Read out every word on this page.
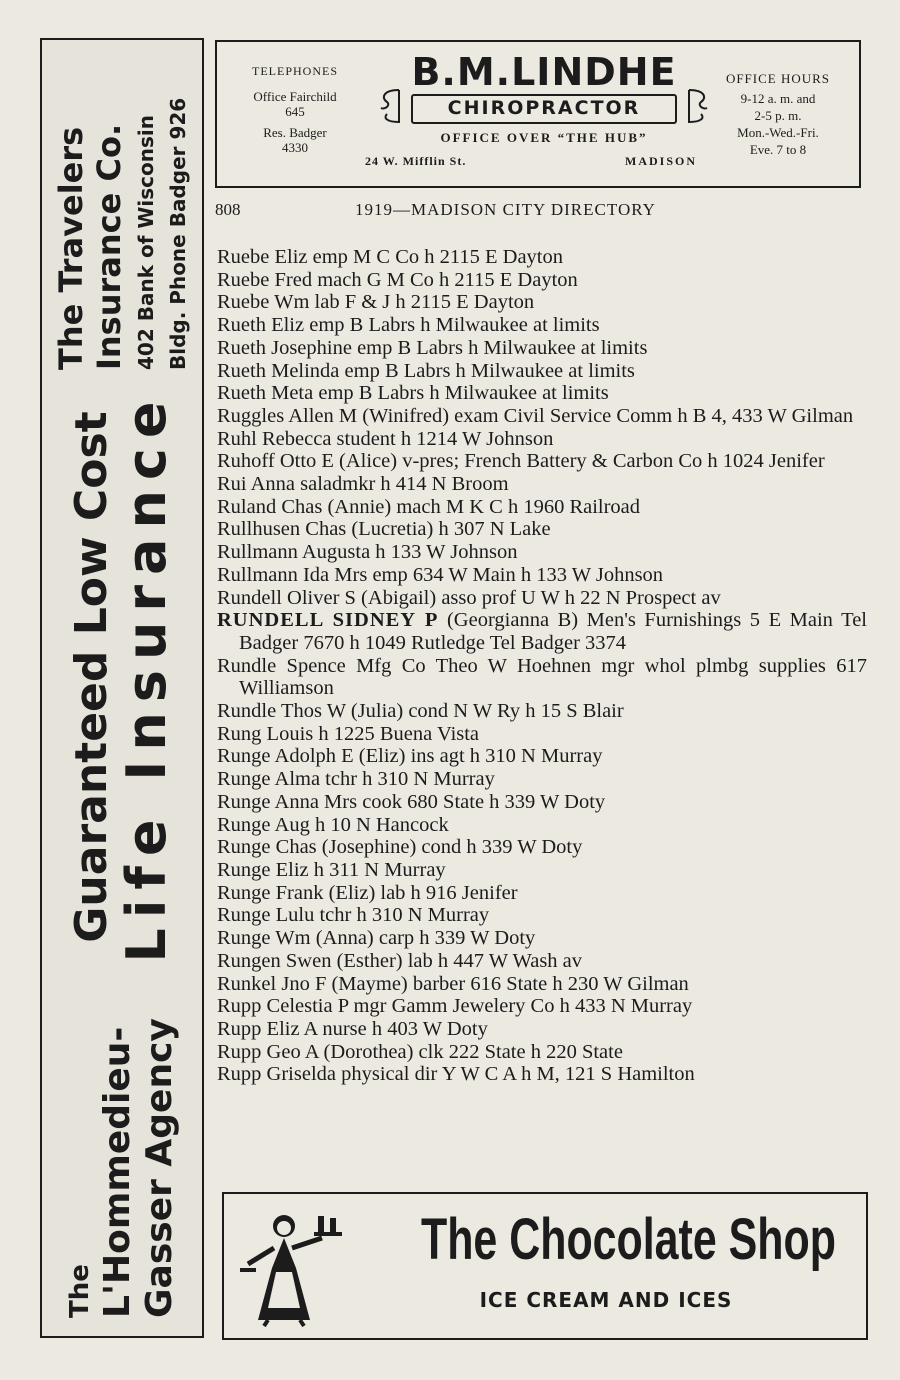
The L'Hommedieu- Gasser Agency
Guaranteed Low Cost
Life Insurance
The Travelers Insurance Co. 402 Bank of Wisconsin Bldg. Phone Badger 926
TELEPHONES
Office Fairchild
645
Res. Badger
4330
B.M.LINDHE
CHIROPRACTOR
OFFICE OVER “THE HUB”
24 W. Mifflin St.	MADISON
OFFICE HOURS
9-12 a. m. and
2-5 p. m.
Mon.-Wed.-Fri.
Eve. 7 to 8
808	1919—MADISON CITY DIRECTORY
Ruebe Eliz emp M C Co h 2115 E Dayton
Ruebe Fred mach G M Co h 2115 E Dayton
Ruebe Wm lab F & J h 2115 E Dayton
Rueth Eliz emp B Labrs h Milwaukee at limits
Rueth Josephine emp B Labrs h Milwaukee at limits
Rueth Melinda emp B Labrs h Milwaukee at limits
Rueth Meta emp B Labrs h Milwaukee at limits
Ruggles Allen M (Winifred) exam Civil Service Comm h B 4, 433 W Gilman
Ruhl Rebecca student h 1214 W Johnson
Ruhoff Otto E (Alice) v-pres; French Battery & Carbon Co h 1024 Jenifer
Rui Anna saladmkr h 414 N Broom
Ruland Chas (Annie) mach M K C h 1960 Railroad
Rullhusen Chas (Lucretia) h 307 N Lake
Rullmann Augusta h 133 W Johnson
Rullmann Ida Mrs emp 634 W Main h 133 W Johnson
Rundell Oliver S (Abigail) asso prof U W h 22 N Prospect av
RUNDELL SIDNEY P (Georgianna B) Men's Furnishings 5 E Main Tel Badger 7670 h 1049 Rutledge Tel Badger 3374
Rundle Spence Mfg Co Theo W Hoehnen mgr whol plmbg supplies 617 Williamson
Rundle Thos W (Julia) cond N W Ry h 15 S Blair
Rung Louis h 1225 Buena Vista
Runge Adolph E (Eliz) ins agt h 310 N Murray
Runge Alma tchr h 310 N Murray
Runge Anna Mrs cook 680 State h 339 W Doty
Runge Aug h 10 N Hancock
Runge Chas (Josephine) cond h 339 W Doty
Runge Eliz h 311 N Murray
Runge Frank (Eliz) lab h 916 Jenifer
Runge Lulu tchr h 310 N Murray
Runge Wm (Anna) carp h 339 W Doty
Rungen Swen (Esther) lab h 447 W Wash av
Runkel Jno F (Mayme) barber 616 State h 230 W Gilman
Rupp Celestia P mgr Gamm Jewelery Co h 433 N Murray
Rupp Eliz A nurse h 403 W Doty
Rupp Geo A (Dorothea) clk 222 State h 220 State
Rupp Griselda physical dir Y W C A h M, 121 S Hamilton
The Chocolate Shop
ICE CREAM AND ICES
